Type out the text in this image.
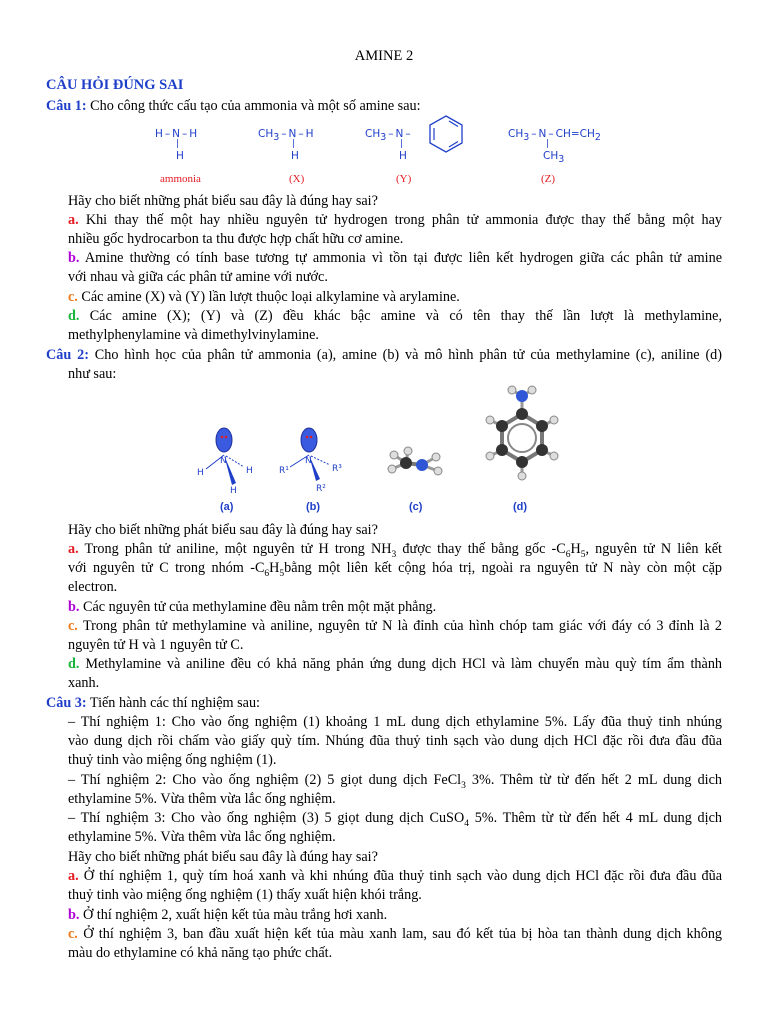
AMINE 2
CÂU HỎI ĐÚNG SAI
Câu 1: Cho công thức cấu tạo của ammonia và một số amine sau:
H – N – H
|
H
ammonia
$CH_3$ – N – H
|
H
(X)
$CH_3$ – N –
|
H
(Y)
$CH_3 - N - CH=CH_2$
|
$CH_3$
(Z)
Hãy cho biết những phát biểu sau đây là đúng hay sai?
a. Khi thay thế một hay nhiều nguyên tử hydrogen trong phân tử ammonia được thay thế bằng một hay
nhiều gốc hydrocarbon ta thu được hợp chất hữu cơ amine.
b. Amine thường có tính base tương tự ammonia vì tồn tại được liên kết hydrogen giữa các phân tử amine
với nhau và giữa các phân tử amine với nước.
c. Các amine (X) và (Y) lần lượt thuộc loại alkylamine và arylamine.
d. Các amine (X); (Y) và (Z) đều khác bậc amine và có tên thay thế lần lượt là methylamine,
methylphenylamine và dimethylvinylamine.
Câu 2: Cho hình học của phân tử ammonia (a), amine (b) và mô hình phân tử của methylamine (c), aniline (d)
như sau:
N
H	H
H
N
R¹	R³
R²
(a)	(b)	(c)	(d)
Hãy cho biết những phát biểu sau đây là đúng hay sai?
a. Trong phân tử aniline, một nguyên tử H trong $NH_3$ được thay thế bằng gốc $-C_6H_5$, nguyên tử N liên kết
với nguyên tử C trong nhóm $-C_6H_5bằng$ một liên kết cộng hóa trị, ngoài ra nguyên tử N này còn một cặp
electron.
b. Các nguyên tử của methylamine đều nằm trên một mặt phẳng.
c. Trong phân tử methylamine và aniline, nguyên tử N là đỉnh của hình chóp tam giác với đáy có 3 đỉnh là 2
nguyên tử H và 1 nguyên tử C.
d. Methylamine và aniline đều có khả năng phản ứng dung dịch HCl và làm chuyển màu quỳ tím ẩm thành
xanh.
Câu 3: Tiến hành các thí nghiệm sau:
– Thí nghiệm 1: Cho vào ống nghiệm (1) khoảng 1 mL dung dịch ethylamine 5%. Lấy đũa thuỷ tinh nhúng
vào dung dịch rồi chấm vào giấy quỳ tím. Nhúng đũa thuỷ tinh sạch vào dung dịch HCl đặc rồi đưa đầu đũa
thuỷ tinh vào miệng ống nghiệm (1).
– Thí nghiệm 2: Cho vào ống nghiệm (2) 5 giọt dung dịch FeCl$_3$ 3%. Thêm từ từ đến hết 2 mL dung dich
ethylamine 5%. Vừa thêm vừa lắc ống nghiệm.
– Thí nghiệm 3: Cho vào ống nghiệm (3) 5 giọt dung dịch CuSO$_4$ 5%. Thêm từ từ đến hết 4 mL dung dịch
ethylamine 5%. Vừa thêm vừa lắc ống nghiệm.
Hãy cho biết những phát biểu sau đây là đúng hay sai?
a. Ở thí nghiệm 1, quỳ tím hoá xanh và khi nhúng đũa thuỷ tinh sạch vào dung dịch HCl đặc rồi đưa đầu đũa
thuỷ tinh vào miệng ống nghiệm (1) thấy xuất hiện khói trắng.
b. Ở thí nghiệm 2, xuất hiện kết tủa màu trắng hơi xanh.
c. Ở thí nghiệm 3, ban đầu xuất hiện kết tủa màu xanh lam, sau đó kết tủa bị hòa tan thành dung dịch không
màu do ethylamine có khả năng tạo phức chất.
